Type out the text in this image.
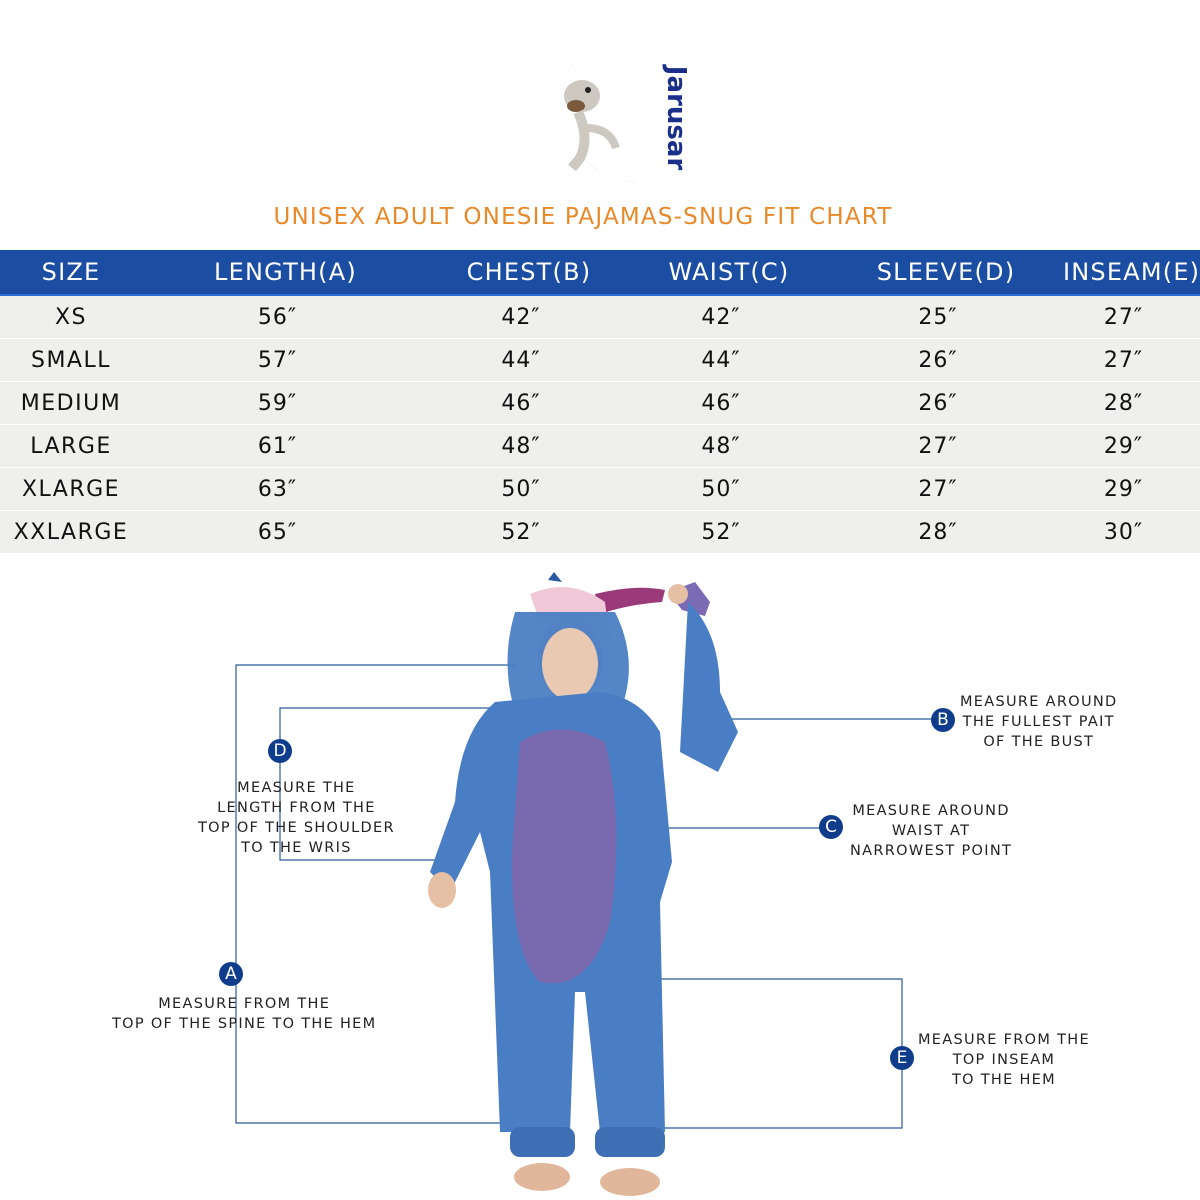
Jarusar
UNISEX ADULT ONESIE PAJAMAS-SNUG FIT CHART
SIZE	LENGTH(A)	CHEST(B)	WAIST(C)	SLEEVE(D)	INSEAM(E)
XS	56″	42″	42″	25″	27″
SMALL	57″	44″	44″	26″	27″
MEDIUM	59″	46″	46″	26″	28″
LARGE	61″	48″	48″	27″	29″
XLARGE	63″	50″	50″	27″	29″
XXLARGE	65″	52″	52″	28″	30″
B
MEASURE AROUND
THE FULLEST PAIT
OF THE BUST
C
MEASURE AROUND
WAIST AT
NARROWEST POINT
D
MEASURE THE
LENGTH FROM THE
TOP OF THE SHOULDER
TO THE WRIS
A
MEASURE FROM THE
TOP OF THE SPINE TO THE HEM
E
MEASURE FROM THE
TOP INSEAM
TO THE HEM
